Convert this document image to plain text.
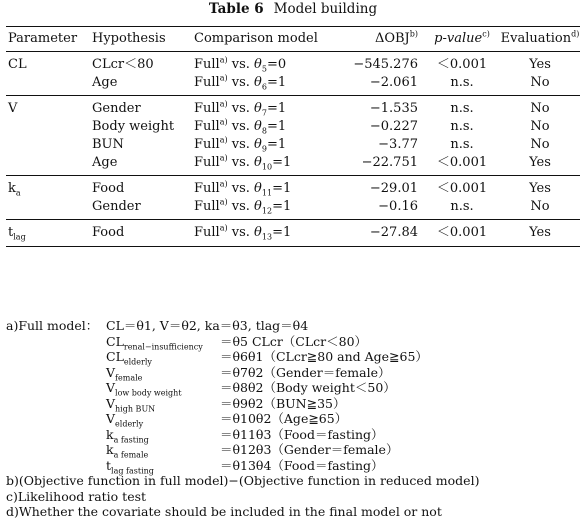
Table 6 Model building
Parameter	Hypothesis	Comparison model	ΔOBJ$^{b)}$	p-value$^{c)}$	Evaluation$^{d)}$
CL	CLcr＜80	Full$^{a)}$ vs. $\theta_5=0$	−545.276	＜0.001	Yes
	Age	Full$^{a)}$ vs. $\theta_6=1$	−2.061	n.s.	No
V	Gender	Full$^{a)}$ vs. $\theta_7=1$	−1.535	n.s.	No
	Body weight	Full$^{a)}$ vs. $\theta_8=1$	−0.227	n.s.	No
	BUN	Full$^{a)}$ vs. $\theta_9=1$	−3.77	n.s.	No
	Age	Full$^{a)}$ vs. $\theta_{10}=1$	−22.751	＜0.001	Yes
$k_a$	Food	Full$^{a)}$ vs. $\theta_{11}=1$	−29.01	＜0.001	Yes
	Gender	Full$^{a)}$ vs. $\theta_{12}=1$	−0.16	n.s.	No
$t_{lag}$	Food	Full$^{a)}$ vs. $\theta_{13}=1$	−27.84	＜0.001	Yes
a)Full model： CL＝θ1, V＝θ2, ka＝θ3, tlag＝θ4
$CL_{renal-insufficiency}$	＝θ5 CLcr（CLcr＜80）
$CL_{elderly}$	＝θ6θ1（CLcr≧80 and Age≧65）
$V_{female}$	＝θ7θ2（Gender＝female）
$V_{low body weight}$	＝θ8θ2（Body weight＜50）
$V_{high BUN}$	＝θ9θ2（BUN≧35）
$V_{elderly}$	＝θ10θ2（Age≧65）
$k_{a fasting}$	＝θ11θ3（Food＝fasting）
$k_{a female}$	＝θ12θ3（Gender＝female）
$t_{lag fasting}$	＝θ13θ4（Food＝fasting）
b)(Objective function in full model)−(Objective function in reduced model)
c)Likelihood ratio test
d)Whether the covariate should be included in the final model or not
